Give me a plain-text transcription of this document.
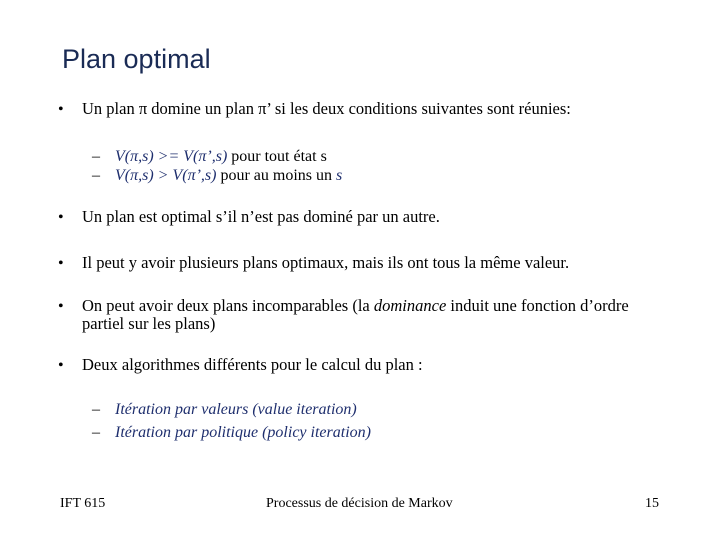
Plan optimal
• Un plan π domine un plan π’ si les deux conditions suivantes sont réunies:
– V(π,s) >= V(π’,s) pour tout état s
– V(π,s) > V(π’,s) pour au moins un s
• Un plan est optimal s’il n’est pas dominé par un autre.
• Il peut y avoir plusieurs plans optimaux, mais ils ont tous la même valeur.
• On peut avoir deux plans incomparables (la dominance induit une fonction d’ordre
partiel sur les plans)
• Deux algorithmes différents pour le calcul du plan :
– Itération par valeurs (value iteration)
– Itération par politique (policy iteration)
IFT 615	Processus de décision de Markov	15
